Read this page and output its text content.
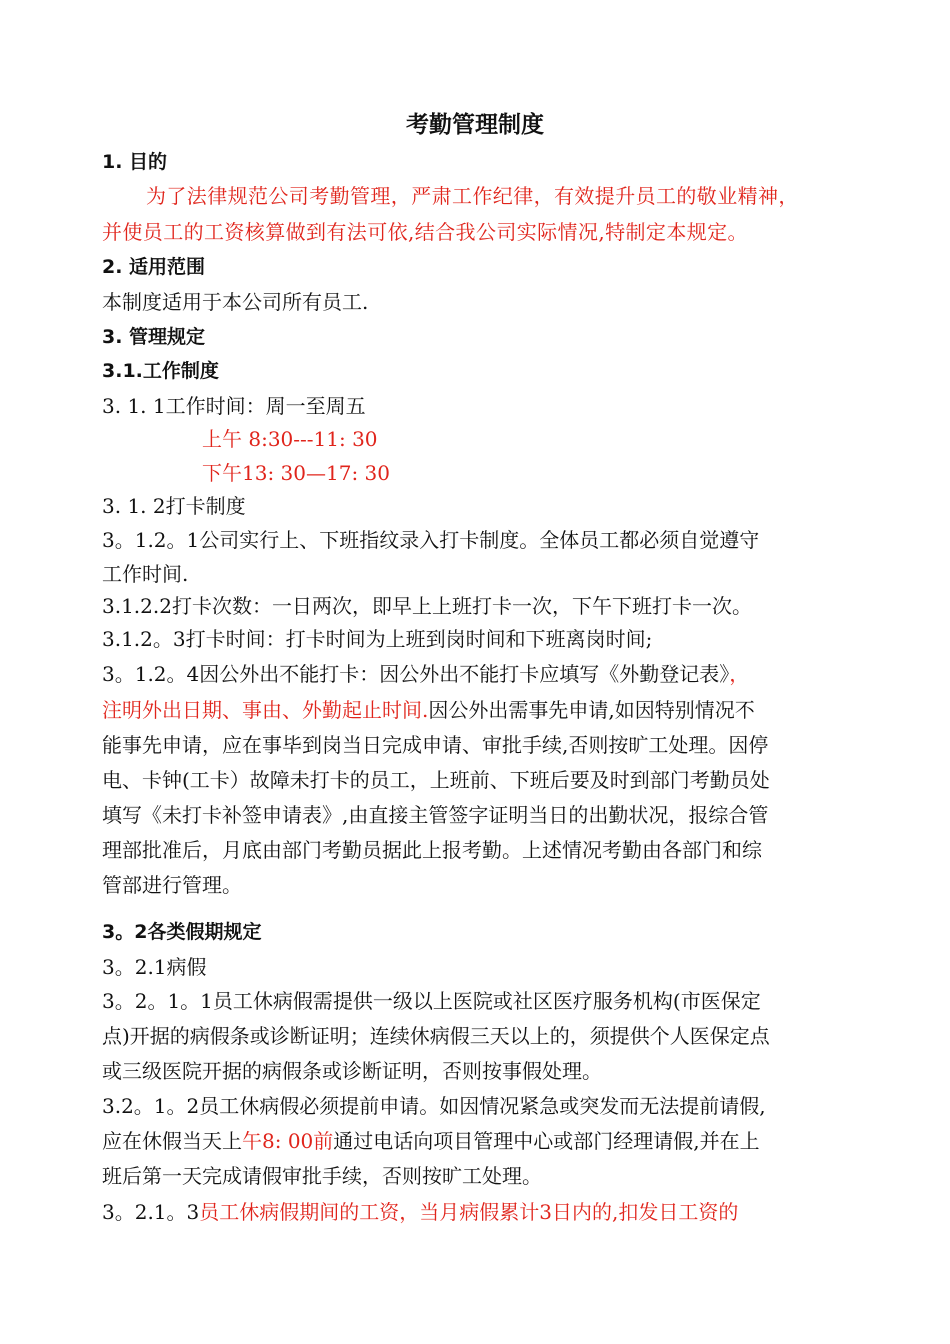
考勤管理制度
1. 目的
为了法律规范公司考勤管理，严肃工作纪律，有效提升员工的敬业精神，
并使员工的工资核算做到有法可依,结合我公司实际情况,特制定本规定。
2. 适用范围
本制度适用于本公司所有员工.
3. 管理规定
3.1.工作制度
3. 1. 1工作时间：周一至周五
上午 8:30---11: 30
下午13: 30—17: 30
3. 1. 2打卡制度
3。1.2。1公司实行上、下班指纹录入打卡制度。全体员工都必须自觉遵守
工作时间.
3.1.2.2打卡次数：一日两次，即早上上班打卡一次，下午下班打卡一次。
3.1.2。3打卡时间：打卡时间为上班到岗时间和下班离岗时间;
3。1.2。4因公外出不能打卡：因公外出不能打卡应填写《外勤登记表》，
注明外出日期、事由、外勤起止时间.因公外出需事先申请,如因特别情况不
能事先申请，应在事毕到岗当日完成申请、审批手续,否则按旷工处理。因停
电、卡钟(工卡）故障未打卡的员工，上班前、下班后要及时到部门考勤员处
填写《未打卡补签申请表》,由直接主管签字证明当日的出勤状况，报综合管
理部批准后，月底由部门考勤员据此上报考勤。上述情况考勤由各部门和综
管部进行管理。
3。2各类假期规定
3。2.1病假
3。2。1。1员工休病假需提供一级以上医院或社区医疗服务机构(市医保定
点)开据的病假条或诊断证明；连续休病假三天以上的，须提供个人医保定点
或三级医院开据的病假条或诊断证明，否则按事假处理。
3.2。1。2员工休病假必须提前申请。如因情况紧急或突发而无法提前请假,
应在休假当天上午8: 00前通过电话向项目管理中心或部门经理请假,并在上
班后第一天完成请假审批手续，否则按旷工处理。
3。2.1。3员工休病假期间的工资，当月病假累计3日内的,扣发日工资的
